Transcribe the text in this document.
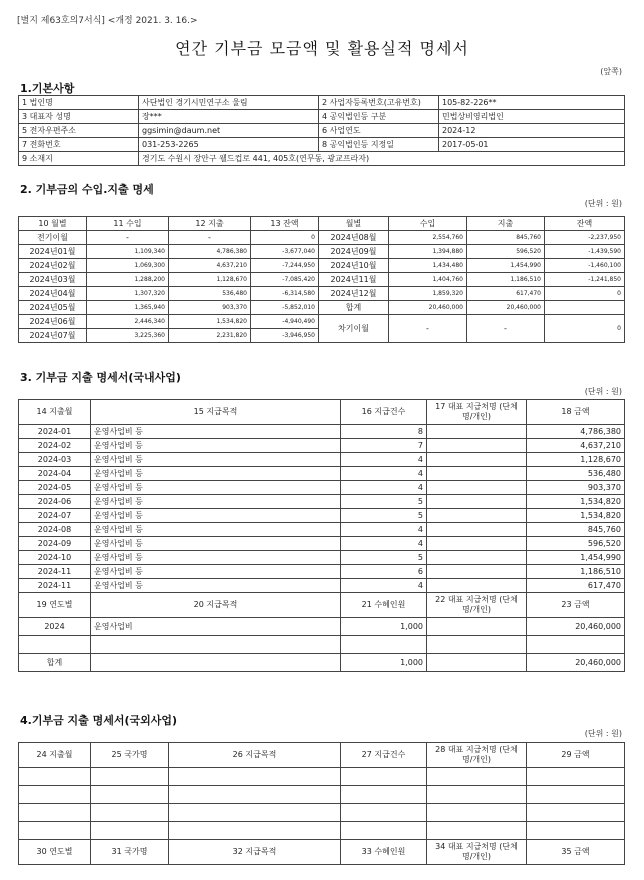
[별지 제63호의7서식] <개정 2021. 3. 16.>
연간 기부금 모금액 및 활용실적 명세서
(앞쪽)
1.기본사항
1 법인명	사단법인 경기시민연구소 울림	2 사업자등록번호(고유번호)	105-82-226**
3 대표자 성명	장***	4 공익법인등 구분	민법상비영리법인
5 전자우편주소	ggsimin@daum.net	6 사업연도	2024-12
7 전화번호	031-253-2265	8 공익법인등 지정일	2017-05-01
9 소재지	경기도 수원시 장안구 웰드컵로 441, 405호(연무동, 광교프라자)		
2. 기부금의 수입.지출 명세
(단위 : 원)
10 월별	11 수입	12 지출	13 잔액	월별	수입	지출	잔액
전기이월	-	-	0	2024년08월	2,554,760	845,760	-2,237,950
2024년01월	1,109,340	4,786,380	-3,677,040	2024년09월	1,394,880	596,520	-1,439,590
2024년02월	1,069,300	4,637,210	-7,244,950	2024년10월	1,434,480	1,454,990	-1,460,100
2024년03월	1,288,200	1,128,670	-7,085,420	2024년11월	1,404,760	1,186,510	-1,241,850
2024년04월	1,307,320	536,480	-6,314,580	2024년12월	1,859,320	617,470	0
2024년05월	1,365,940	903,370	-5,852,010	합계	20,460,000	20,460,000	
2024년06월	2,446,340	1,534,820	-4,940,490	차기이월	-	-	0
2024년07월	3,225,360	2,231,820	-3,946,950				
3. 기부금 지출 명세서(국내사업)
(단위 : 원)
14 지출월	15 지급목적	16 지급건수	17 대표 지급처명 (단체명/개인)	18 금액
2024-01	운영사업비 등	8		4,786,380
2024-02	운영사업비 등	7		4,637,210
2024-03	운영사업비 등	4		1,128,670
2024-04	운영사업비 등	4		536,480
2024-05	운영사업비 등	4		903,370
2024-06	운영사업비 등	5		1,534,820
2024-07	운영사업비 등	5		1,534,820
2024-08	운영사업비 등	4		845,760
2024-09	운영사업비 등	4		596,520
2024-10	운영사업비 등	5		1,454,990
2024-11	운영사업비 등	6		1,186,510
2024-11	운영사업비 등	4		617,470
19 연도별	20 지급목적	21 수혜인원	22 대표 지급처명 (단체명/개인)	23 금액
2024	운영사업비	1,000		20,460,000

합계		1,000		20,460,000
4.기부금 지출 명세서(국외사업)
(단위 : 원)
24 지출월	25 국가명	26 지급목적	27 지급건수	28 대표 지급처명 (단체명/개인)	29 금액

30 연도별	31 국가명	32 지급목적	33 수혜인원	34 대표 지급처명 (단체명/개인)	35 금액
